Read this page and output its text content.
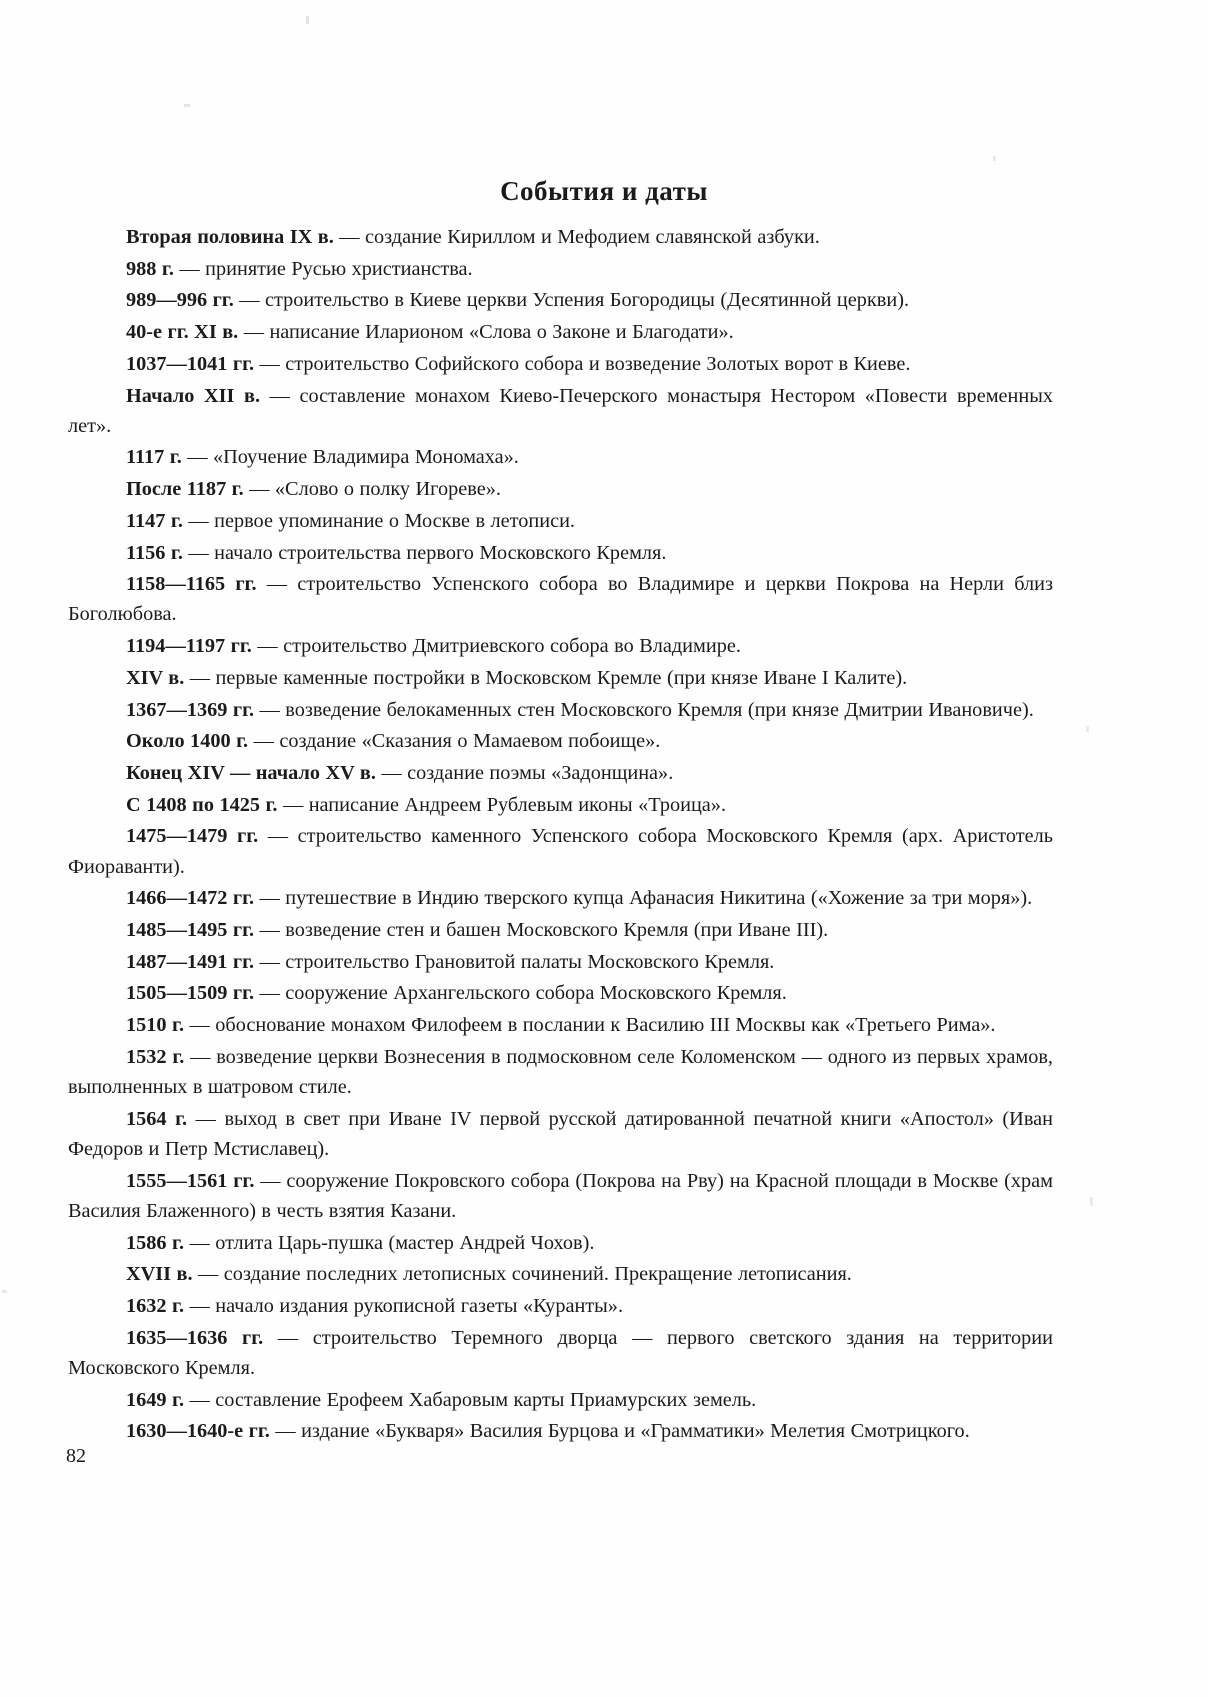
События и даты

Вторая половина IX в. — создание Кириллом и Мефодием славянской азбуки.

988 г. — принятие Русью христианства.

989—996 гг. — строительство в Киеве церкви Успения Богородицы (Десятинной церкви).

40-е гг. XI в. — написание Иларионом «Слова о Законе и Благодати».

1037—1041 гг. — строительство Софийского собора и возведение Золотых ворот в Киеве.

Начало XII в. — составление монахом Киево-Печерского монастыря Нестором «Повести временных лет».

1117 г. — «Поучение Владимира Мономаха».

После 1187 г. — «Слово о полку Игореве».

1147 г. — первое упоминание о Москве в летописи.

1156 г. — начало строительства первого Московского Кремля.

1158—1165 гг. — строительство Успенского собора во Владимире и церкви Покрова на Нерли близ Боголюбова.

1194—1197 гг. — строительство Дмитриевского собора во Владимире.

XIV в. — первые каменные постройки в Московском Кремле (при князе Иване I Калите).

1367—1369 гг. — возведение белокаменных стен Московского Кремля (при князе Дмитрии Ивановиче).

Около 1400 г. — создание «Сказания о Мамаевом побоище».

Конец XIV — начало XV в. — создание поэмы «Задонщина».

С 1408 по 1425 г. — написание Андреем Рублевым иконы «Троица».

1475—1479 гг. — строительство каменного Успенского собора Московского Кремля (арх. Аристотель Фиораванти).

1466—1472 гг. — путешествие в Индию тверского купца Афанасия Никитина («Хожение за три моря»).

1485—1495 гг. — возведение стен и башен Московского Кремля (при Иване III).

1487—1491 гг. — строительство Грановитой палаты Московского Кремля.

1505—1509 гг. — сооружение Архангельского собора Московского Кремля.

1510 г. — обоснование монахом Филофеем в послании к Василию III Москвы как «Третьего Рима».

1532 г. — возведение церкви Вознесения в подмосковном селе Коломенском — одного из первых храмов, выполненных в шатровом стиле.

1564 г. — выход в свет при Иване IV первой русской датированной печатной книги «Апостол» (Иван Федоров и Петр Мстиславец).

1555—1561 гг. — сооружение Покровского собора (Покрова на Рву) на Красной площади в Москве (храм Василия Блаженного) в честь взятия Казани.

1586 г. — отлита Царь-пушка (мастер Андрей Чохов).

XVII в. — создание последних летописных сочинений. Прекращение летописания.

1632 г. — начало издания рукописной газеты «Куранты».

1635—1636 гг. — строительство Теремного дворца — первого светского здания на территории Московского Кремля.

1649 г. — составление Ерофеем Хабаровым карты Приамурских земель.

1630—1640-е гг. — издание «Букваря» Василия Бурцова и «Грамматики» Мелетия Смотрицкого.

82
